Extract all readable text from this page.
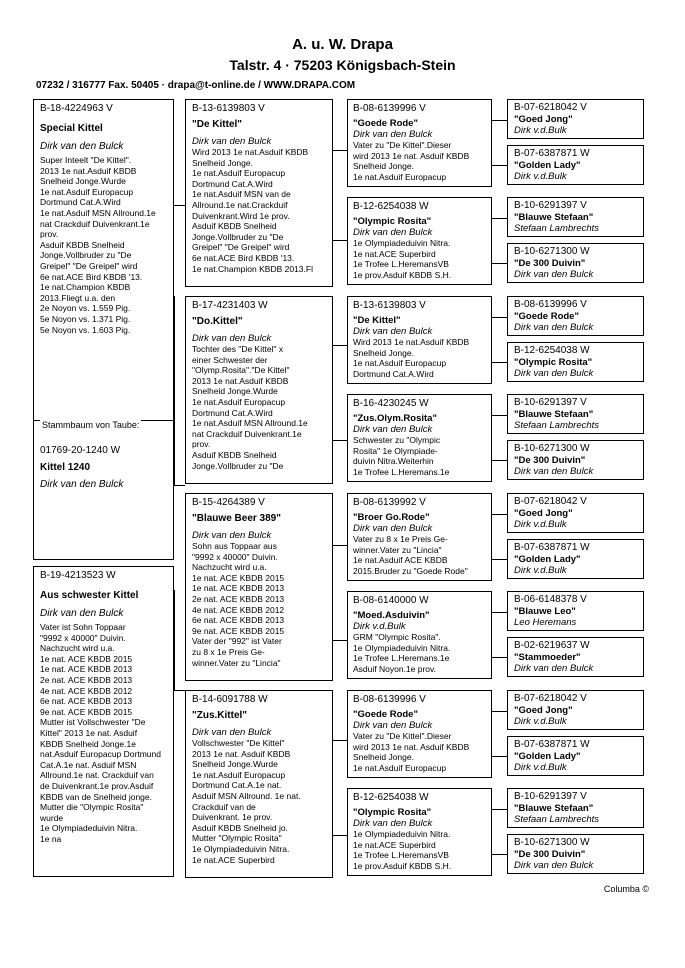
A. u. W. Drapa
Talstr. 4 · 75203 Königsbach-Stein
07232 / 316777 Fax. 50405 · drapa@t-online.de / WWW.DRAPA.COM
B-18-4224963 V
Special Kittel
Dirk van den Bulck
Super Inteelt "De Kittel".
2013 1e nat.Asduif KBDB
Snelheid Jonge.Wurde
1e nat.Asduif Europacup
Dortmund Cat.A.Wird
1e nat.Asduif MSN Allround.1e
nat Crackduif Duivenkrant.1e
prov.
Asduif KBDB Snelheid
Jonge.Vollbruder zu "De
Greipel" "De Greipel" wird
6e nat.ACE Bird KBDB '13.
1e nat.Champion KBDB
2013.Fliegt u.a. den
2e Noyon vs. 1.559 Pig.
5e Noyon vs. 1.371 Pig.
5e Noyon vs. 1.603 Pig.
B-19-4213523 W
Aus schwester Kittel
Dirk van den Bulck
Vater ist Sohn Toppaar
"9992 x 40000" Duivin.
Nachzucht wird u.a.
1e nat. ACE KBDB 2015
1e nat. ACE KBDB 2013
2e nat. ACE KBDB 2013
4e nat. ACE KBDB 2012
6e nat. ACE KBDB 2013
9e nat. ACE KBDB 2015
Mutter ist Vollschwester "De
Kittel" 2013 1e nat. Asduif
KBDB Snelheid Jonge.1e
nat.Asduif Europacup Dortmund
Cat.A.1e nat. Asduif MSN
Allround.1e nat. Crackduif van
de Duivenkrant.1e prov.Asduif
KBDB van de Snelheid jonge.
Mutter die "Olympic Rosita"
wurde
1e Olympiadeduivin Nitra.
1e na
B-13-6139803 V
"De Kittel"
Dirk van den Bulck
Wird 2013 1e nat.Asduif KBDB
Snelheid Jonge.
1e nat.Asduif Europacup
Dortmund Cat.A.Wird
1e nat.Asduif MSN van de
Allround.1e nat.Crackduif
Duivenkrant.Wird 1e prov.
Asduif KBDB Snelheid
Jonge.Vollbruder zu "De
Greipel" "De Greipel" wird
6e nat.ACE Bird KBDB '13.
1e nat.Champion KBDB 2013.Fl
B-17-4231403 W
"Do.Kittel"
Dirk van den Bulck
Tochter des "De Kittel" x
einer Schwester der
"Olymp.Rosita"."De Kittel"
2013 1e nat.Asduif KBDB
Snelheid Jonge.Wurde
1e nat.Asduif Europacup
Dortmund Cat.A.Wird
1e nat.Asduif MSN Allround.1e
nat Crackduif Duivenkrant.1e
prov.
Asduif KBDB Snelheid
Jonge.Vollbruder zu "De
B-15-4264389 V
"Blauwe Beer 389"
Dirk van den Bulck
Sohn aus Toppaar aus
"9992 x 40000" Duivin.
Nachzucht wird u.a.
1e nat. ACE KBDB 2015
1e nat. ACE KBDB 2013
2e nat. ACE KBDB 2013
4e nat. ACE KBDB 2012
6e nat. ACE KBDB 2013
9e nat. ACE KBDB 2015
Vater der "992" ist Vater
zu 8 x 1e Preis Ge-
winner.Vater zu "Lincia"
B-14-6091788 W
"Zus.Kittel"
Dirk van den Bulck
Vollschwester "De Kittel"
2013 1e nat. Asduif KBDB
Snelheid Jonge.Wurde
1e nat.Asduif Europacup
Dortmund Cat.A.1e nat.
Asduif MSN Allround. 1e nat.
Crackduif van de
Duivenkrant. 1e prov.
Asduif KBDB Snelheid jo.
Mutter "Olympic Rosita"
1e Olympiadeduivin Nitra.
1e nat.ACE Superbird
B-08-6139996 V
"Goede Rode"
Dirk van den Bulck
Vater zu "De Kittel".Dieser
wird 2013 1e nat. Asduif KBDB
Snelheid Jonge.
1e nat.Asduif Europacup
B-12-6254038 W
"Olympic Rosita"
Dirk van den Bulck
1e Olympiadeduivin Nitra.
1e nat.ACE Superbird
1e Trofee L.HeremansVB
1e prov.Asduif KBDB S.H.
B-13-6139803 V
"De Kittel"
Dirk van den Bulck
Wird 2013 1e nat.Asduif KBDB
Snelheid Jonge.
1e nat.Asduif Europacup
Dortmund Cat.A.Wird
B-16-4230245 W
"Zus.Olym.Rosita"
Dirk van den Bulck
Schwester zu "Olympic
Rosita" 1e Olympiade-
duivin Nitra.Weiterhin
1e Trofee L.Heremans.1e
B-08-6139992 V
"Broer Go.Rode"
Dirk van den Bulck
Vater zu 8 x 1e Preis Ge-
winner.Vater zu "Lincia"
1e nat.Asduif ACE KBDB
2015.Bruder zu "Goede Rode"
B-08-6140000 W
"Moed.Asduivin"
Dirk v.d.Bulk
GRM "Olympic Rosita".
1e Olympiadeduivin Nitra.
1e Trofee L.Heremans.1e
Asduif Noyon.1e prov.
B-08-6139996 V
"Goede Rode"
Dirk van den Bulck
Vater zu "De Kittel".Dieser
wird 2013 1e nat. Asduif KBDB
Snelheid Jonge.
1e nat.Asduif Europacup
B-12-6254038 W
"Olympic Rosita"
Dirk van den Bulck
1e Olympiadeduivin Nitra.
1e nat.ACE Superbird
1e Trofee L.HeremansVB
1e prov.Asduif KBDB S.H.
B-07-6218042 V
"Goed Jong"
Dirk v.d.Bulk
B-07-6387871 W
"Golden Lady"
Dirk v.d.Bulk
B-10-6291397 V
"Blauwe Stefaan"
Stefaan Lambrechts
B-10-6271300 W
"De 300 Duivin"
Dirk van den Bulck
B-08-6139996 V
"Goede Rode"
Dirk van den Bulck
B-12-6254038 W
"Olympic Rosita"
Dirk van den Bulck
B-10-6291397 V
"Blauwe Stefaan"
Stefaan Lambrechts
B-10-6271300 W
"De 300 Duivin"
Dirk van den Bulck
B-07-6218042 V
"Goed Jong"
Dirk v.d.Bulk
B-07-6387871 W
"Golden Lady"
Dirk v.d.Bulk
B-06-6148378 V
"Blauwe Leo"
Leo Heremans
B-02-6219637 W
"Stammoeder"
Dirk van den Bulck
B-07-6218042 V
"Goed Jong"
Dirk v.d.Bulk
B-07-6387871 W
"Golden Lady"
Dirk v.d.Bulk
B-10-6291397 V
"Blauwe Stefaan"
Stefaan Lambrechts
B-10-6271300 W
"De 300 Duivin"
Dirk van den Bulck
Stammbaum von Taube:
01769-20-1240 W
Kittel 1240
Dirk van den Bulck
Columba ©
